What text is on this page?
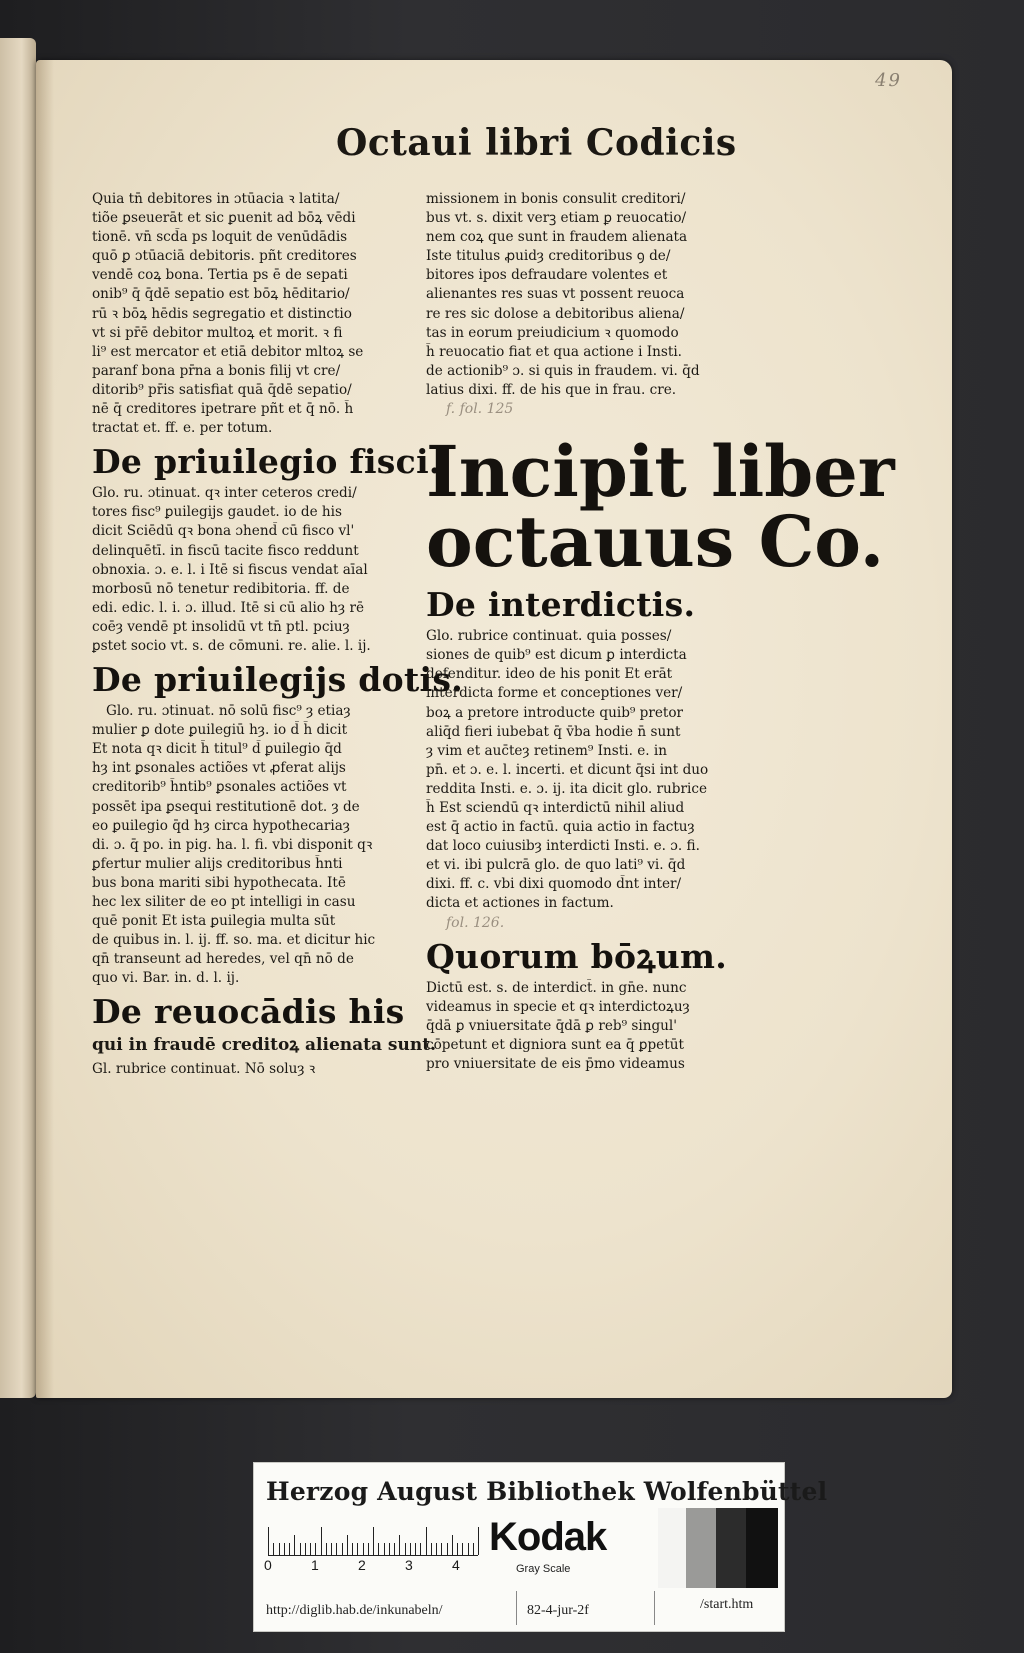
49
Octaui libri Codicis

Quia tn̄ debitores in ɔtūacia ꝛ latita/

tiõe ꝑseuerāt et sic ꝑuenit ad bōꝝ vēdi

tionē. vn̄ scd̄a ps loquit de venūdādis

quō ꝑ ɔtūaciā debitoris. pñt creditores

vendē coꝝ bona. Tertia ps ē de sepati

onib⁹ q̄ q̄dē sepatio est bōꝝ hēditario/

rū ꝛ bōꝝ hēdis segregatio et distinctio

vt si pr̄ē debitor multoꝝ et morit. ꝛ fi

li⁹ est mercator et etiā debitor mltoꝝ se

paranf bona pr̄na a bonis filij vt cre/

ditorib⁹ pr̄is satisfiat quā q̄dē sepatio/

nē q̄ creditores ipetrare pñt et q̄ nō. h̄

tractat et. ff. e. per totum.

De priuilegio fisci.

Glo. ru. ɔtinuat. qꝛ inter ceteros credi/

tores fisc⁹ ꝑuilegijs gaudet. io de his

dicit Sciēdū qꝛ bona ɔhend̄ cū fisco vl'

delinquētī. in fiscū tacite fisco reddunt

obnoxia. ɔ. e. l. i Itē si fiscus vendat aīal

morbosū nō tenetur redibitoria. ff. de

edi. edic. l. i. ɔ. illud. Itē si cū alio hȝ rē

coēȝ vendē pt insolidū vt tn̄ ptl. pciuȝ

ꝑstet socio vt. s. de cōmuni. re. alie. l. ij.

De priuilegijs dotis.

Glo. ru. ɔtinuat. nō solū fisc⁹ ȝ etiaȝ

mulier ꝑ dote ꝑuilegiū hȝ. io d̄ h̄ dicit

Et nota qꝛ dicit h̄ titul⁹ d̄ ꝑuilegio q̄d

hȝ int ꝑsonales actiões vt ꝓferat alijs

creditorib⁹ h̄ntib⁹ ꝑsonales actiões vt

possēt ipa ꝑsequi restitutionē dot. ȝ de

eo ꝑuilegio q̄d hȝ circa hypothecariaȝ

di. ɔ. q̄ po. in pig. ha. l. fi. vbi disponit qꝛ

ꝑfertur mulier alijs creditoribus h̄nti

bus bona mariti sibi hypothecata. Itē

hec lex siliter de eo pt intelligi in casu

quē ponit Et ista ꝑuilegia multa sūt

de quibus in. l. ij. ff. so. ma. et dicitur hic

qn̄ transeunt ad heredes, vel qn̄ nō de

quo vi. Bar. in. d. l. ij.

De reuocādis his
qui in fraudē creditoꝝ alienata sunt.

Gl. rubrice continuat. Nō soluȝ ꝛ

missionem in bonis consulit creditori/

bus vt. s. dixit verꝫ etiam ꝑ reuocatio/

nem coꝝ que sunt in fraudem alienata

Iste titulus ꝓuidȝ creditoribus ꝯ de/

bitores ipos defraudare volentes et

alienantes res suas vt possent reuoca

re res sic dolose a debitoribus aliena/

tas in eorum preiudicium ꝛ quomodo

h̄ reuocatio fiat et qua actione i Insti.

de actionib⁹ ɔ. si quis in fraudem. vi. q̄d

latius dixi. ff. de his que in frau. cre.

f. fol. 125
Incipit liber
octauus Co.
De interdictis.

Glo. rubrice continuat. quia posses/

siones de quib⁹ est dicum ꝑ interdicta

defenditur. ideo de his ponit Et erāt

interdicta forme et conceptiones ver/

boꝝ a pretore introducte quib⁹ pretor

aliq̄d fieri iubebat q̄ v̄ba hodie n̄ sunt

ȝ vim et auc̄teȝ retinem⁹ Insti. e. in

pn̄. et ɔ. e. l. incerti. et dicunt q̄si int duo

reddita Insti. e. ɔ. ij. ita dicit glo. rubrice

h̄ Est sciendū qꝛ interdictū nihil aliud

est q̄ actio in factū. quia actio in factuȝ

dat loco cuiusibȝ interdicti Insti. e. ɔ. fi.

et vi. ibi pulcrā glo. de quo lati⁹ vi. q̄d

dixi. ff. c. vbi dixi quomodo d̄nt inter/

dicta et actiones in factum.

fol. 126.
Quorum bōꝝum.

Dictū est. s. de interdict̄. in gn̄e. nunc

videamus in specie et qꝛ interdictoꝝuȝ

q̄dā ꝑ vniuersitate q̄dā ꝑ reb⁹ singul'

cōpetunt et digniora sunt ea q̄ ꝑpetūt

pro vniuersitate de eis p̄mo videamus

Herzog August Bibliothek Wolfenbüttel
0	1	2	3	4
Kodak
Gray Scale
http://diglib.hab.de/inkunabeln/	82-4-jur-2f	/start.htm
